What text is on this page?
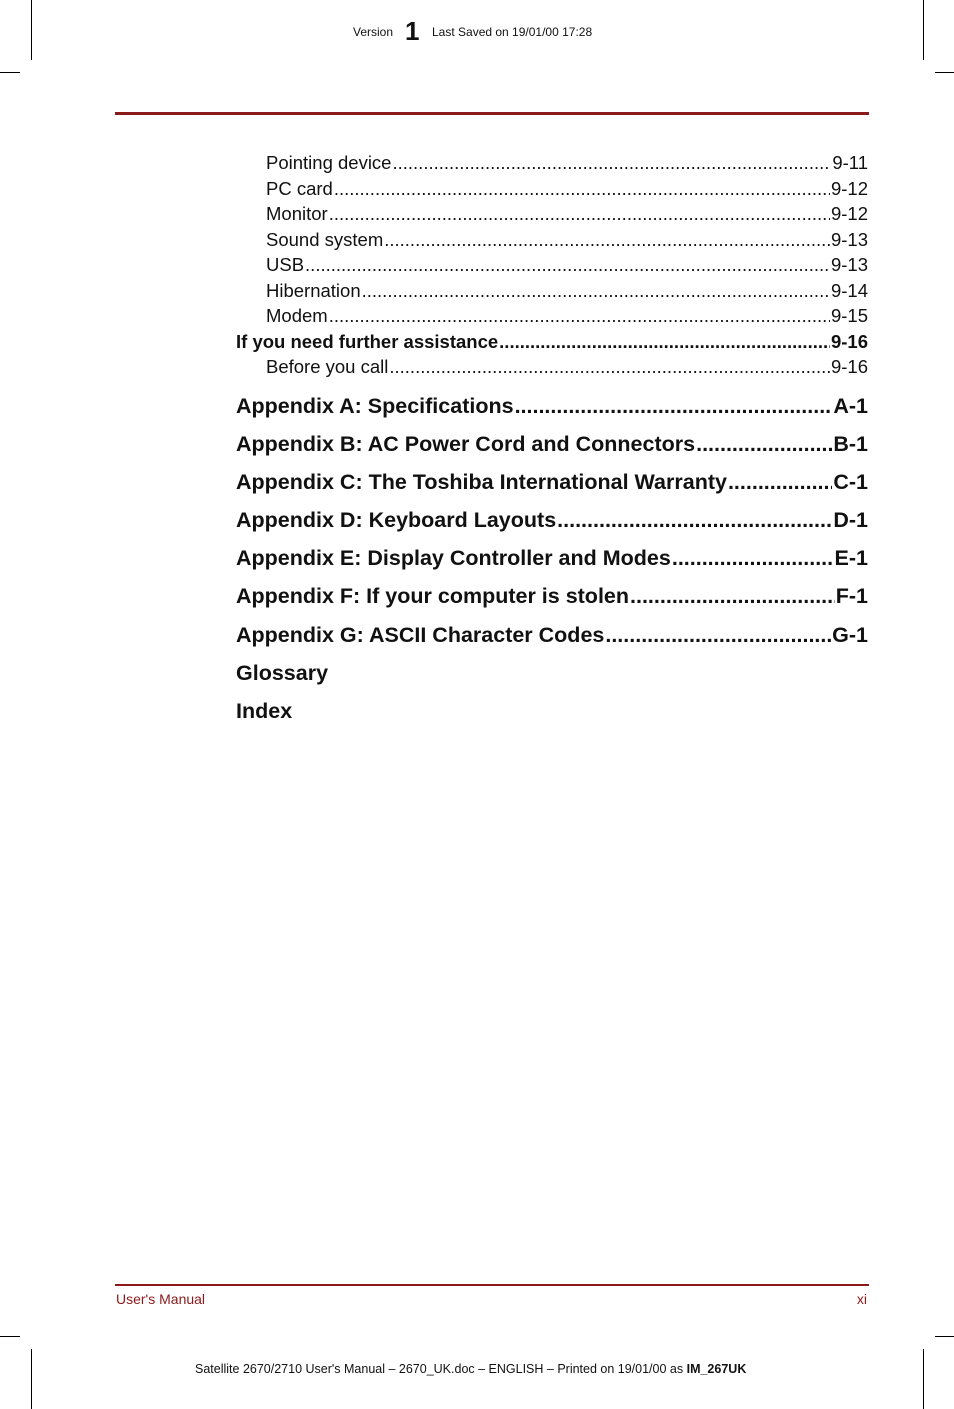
Version 1 Last Saved on 19/01/00 17:28
Pointing device .....	9-11
PC card .....	9-12
Monitor .....	9-12
Sound system .....	9-13
USB .....	9-13
Hibernation .....	9-14
Modem .....	9-15
If you need further assistance .....	9-16
Before you call .....	9-16
Appendix A: Specifications .....	A-1
Appendix B: AC Power Cord and Connectors .....	B-1
Appendix C: The Toshiba International Warranty .....	C-1
Appendix D: Keyboard Layouts .....	D-1
Appendix E: Display Controller and Modes .....	E-1
Appendix F: If your computer is stolen .....	F-1
Appendix G: ASCII Character Codes .....	G-1
Glossary
Index
User's Manual	xi
Satellite 2670/2710 User's Manual – 2670_UK.doc – ENGLISH – Printed on 19/01/00 as IM_267UK
